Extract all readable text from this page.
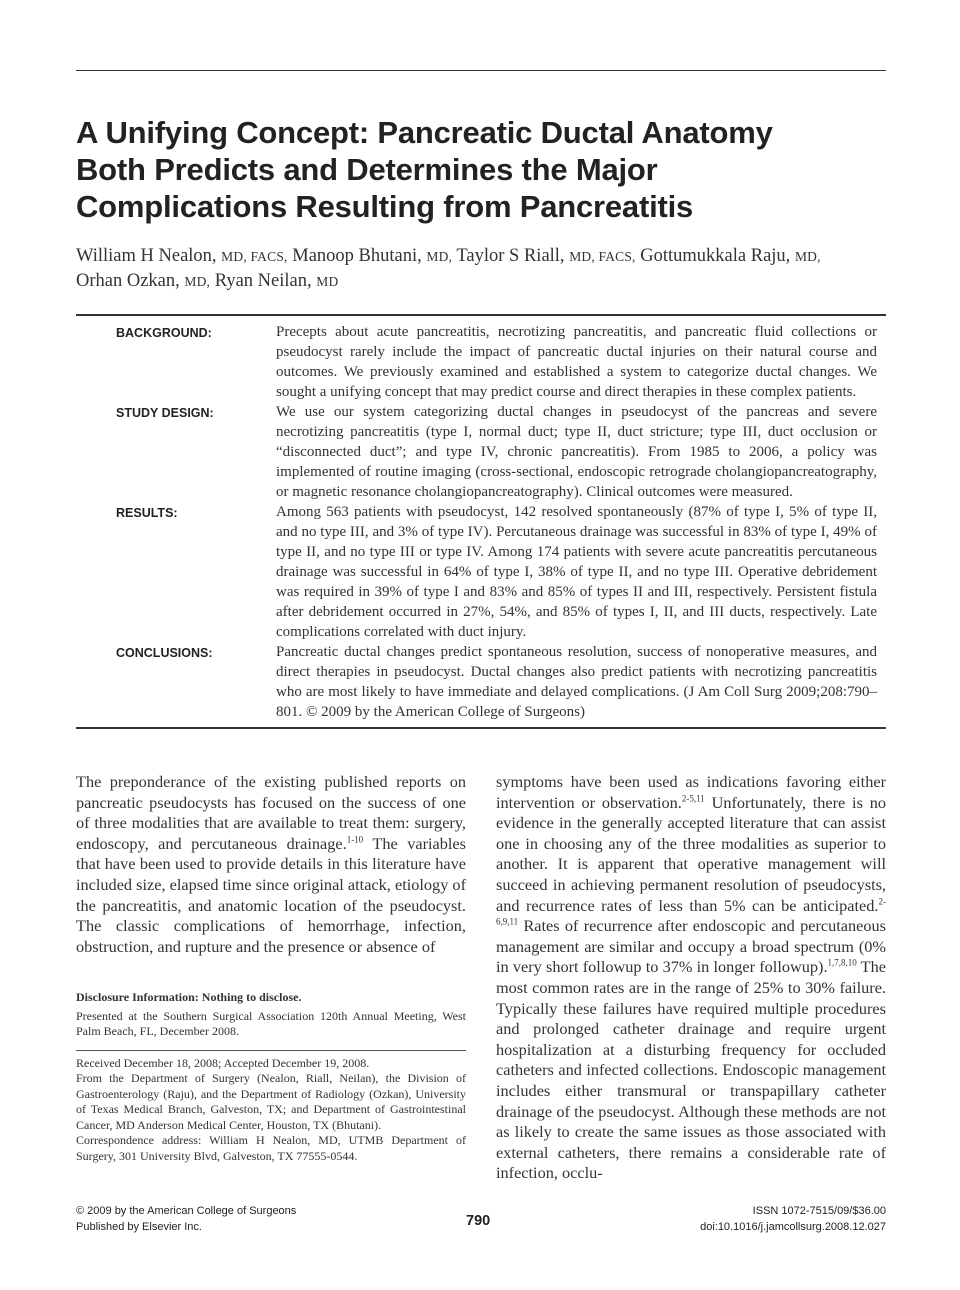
A Unifying Concept: Pancreatic Ductal Anatomy
Both Predicts and Determines the Major
Complications Resulting from Pancreatitis
William H Nealon, MD, FACS, Manoop Bhutani, MD, Taylor S Riall, MD, FACS, Gottumukkala Raju, MD,
Orhan Ozkan, MD, Ryan Neilan, MD
BACKGROUND:	Precepts about acute pancreatitis, necrotizing pancreatitis, and pancreatic fluid collections or pseudocyst rarely include the impact of pancreatic ductal injuries on their natural course and outcomes. We previously examined and established a system to categorize ductal changes. We sought a unifying concept that may predict course and direct therapies in these complex patients.
STUDY DESIGN:	We use our system categorizing ductal changes in pseudocyst of the pancreas and severe necrotizing pancreatitis (type I, normal duct; type II, duct stricture; type III, duct occlusion or “disconnected duct”; and type IV, chronic pancreatitis). From 1985 to 2006, a policy was implemented of routine imaging (cross-sectional, endoscopic retrograde cholangiopancreatography, or magnetic resonance cholangiopancreatography). Clinical outcomes were measured.
RESULTS:	Among 563 patients with pseudocyst, 142 resolved spontaneously (87% of type I, 5% of type II, and no type III, and 3% of type IV). Percutaneous drainage was successful in 83% of type I, 49% of type II, and no type III or type IV. Among 174 patients with severe acute pancreatitis percutaneous drainage was successful in 64% of type I, 38% of type II, and no type III. Operative debridement was required in 39% of type I and 83% and 85% of types II and III, respectively. Persistent fistula after debridement occurred in 27%, 54%, and 85% of types I, II, and III ducts, respectively. Late complications correlated with duct injury.
CONCLUSIONS:	Pancreatic ductal changes predict spontaneous resolution, success of nonoperative measures, and direct therapies in pseudocyst. Ductal changes also predict patients with necrotizing pancreatitis who are most likely to have immediate and delayed complications. (J Am Coll Surg 2009;208:790–801. © 2009 by the American College of Surgeons)

The preponderance of the existing published reports on pancreatic pseudocysts has focused on the success of one of three modalities that are available to treat them: surgery, endoscopy, and percutaneous drainage.$^{1-10}$ The variables that have been used to provide details in this literature have included size, elapsed time since original attack, etiology of the pancreatitis, and anatomic location of the pseudocyst. The classic complications of hemorrhage, infection, obstruction, and rupture and the presence or absence of

Disclosure Information: Nothing to disclose.

Presented at the Southern Surgical Association 120th Annual Meeting, West Palm Beach, FL, December 2008.

Received December 18, 2008; Accepted December 19, 2008.

From the Department of Surgery (Nealon, Riall, Neilan), the Division of Gastroenterology (Raju), and the Department of Radiology (Ozkan), University of Texas Medical Branch, Galveston, TX; and Department of Gastrointestinal Cancer, MD Anderson Medical Center, Houston, TX (Bhutani).

Correspondence address: William H Nealon, MD, UTMB Department of Surgery, 301 University Blvd, Galveston, TX 77555-0544.

symptoms have been used as indications favoring either intervention or observation.$^{2-5,11}$ Unfortunately, there is no evidence in the generally accepted literature that can assist one in choosing any of the three modalities as superior to another. It is apparent that operative management will succeed in achieving permanent resolution of pseudocysts, and recurrence rates of less than 5% can be anticipated.$^{2-6,9,11}$ Rates of recurrence after endoscopic and percutaneous management are similar and occupy a broad spectrum (0% in very short followup to 37% in longer followup).$^{1,7,8,10}$ The most common rates are in the range of 25% to 30% failure. Typically these failures have required multiple procedures and prolonged catheter drainage and require urgent hospitalization at a disturbing frequency for occluded catheters and infected collections. Endoscopic management includes either transmural or transpapillary catheter drainage of the pseudocyst. Although these methods are not as likely to create the same issues as those associated with external catheters, there remains a considerable rate of infection, occlu-

© 2009 by the American College of Surgeons
Published by Elsevier Inc.	790
ISSN 1072-7515/09/$36.00
doi:10.1016/j.jamcollsurg.2008.12.027
